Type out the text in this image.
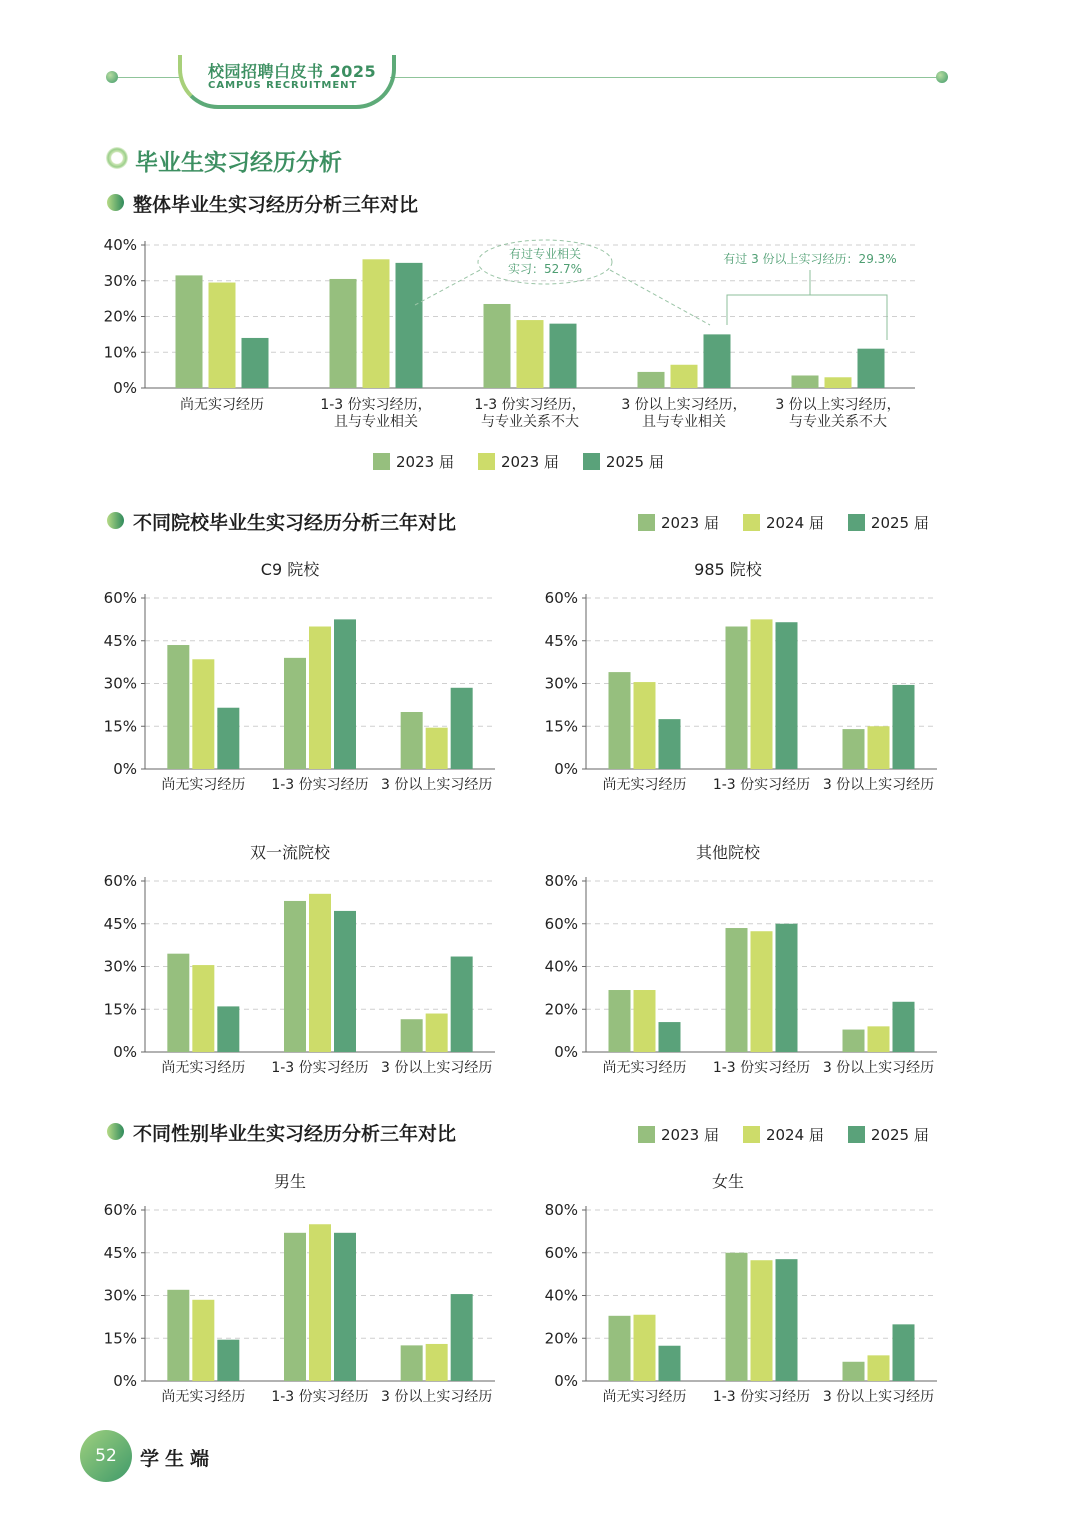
校园招聘白皮书 2025
CAMPUS RECRUITMENT
毕业生实习经历分析
整体毕业生实习经历分析三年对比
0%
10%
20%
30%
40%
尚无实习经历	1-3 份实习经历，
且与专业相关
1-3 份实习经历，
与专业关系不大
3 份以上实习经历，
且与专业相关
3 份以上实习经历，
与专业关系不大
0%
15%
30%
45%
60%
尚无实习经历 1-3 份实习经历 3 份以上实习经历
0%
15%
30%
45%
60%
尚无实习经历 1-3 份实习经历 3 份以上实习经历
0%
15%
30%
45%
60%
尚无实习经历 1-3 份实习经历 3 份以上实习经历
0%
20%
40%
60%
80%
尚无实习经历 1-3 份实习经历 3 份以上实习经历
0%
15%
30%
45%
60%
尚无实习经历 1-3 份实习经历 3 份以上实习经历
0%
20%
40%
60%
80%
尚无实习经历 1-3 份实习经历 3 份以上实习经历
有过专业相关
实习：52.7%
有过 3 份以上实习经历：29.3%
2023 届	2023 届	2025 届
不同院校毕业生实习经历分析三年对比	2023 届	2024 届	2025 届
C9 院校	985 院校
双一流院校	其他院校
不同性别毕业生实习经历分析三年对比	2023 届	2024 届	2025 届
男生	女生
52	学生端
